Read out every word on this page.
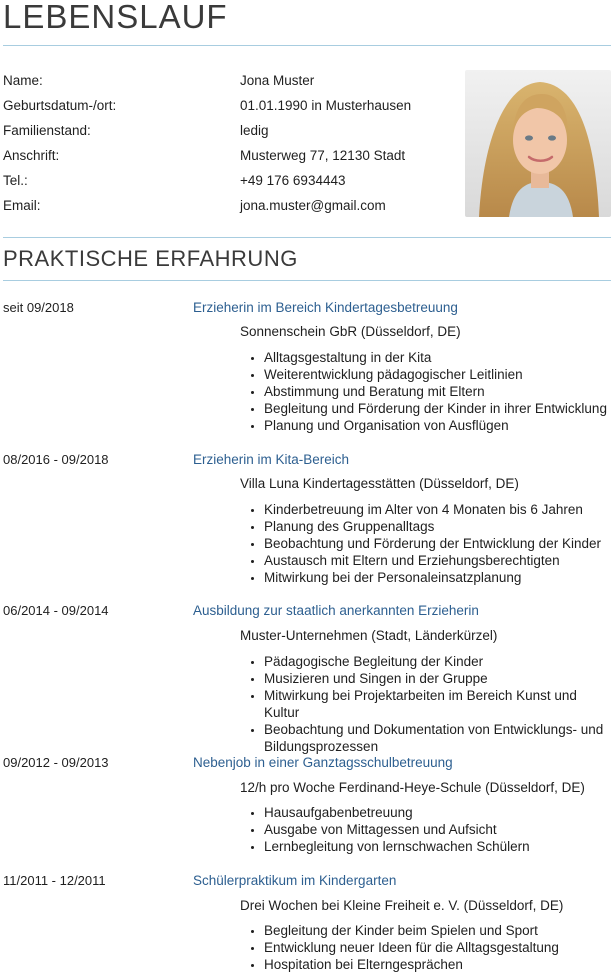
LEBENSLAUF
Name:	Jona Muster
Geburtsdatum-/ort:	01.01.1990 in Musterhausen
Familienstand:	ledig
Anschrift:	Musterweg 77, 12130 Stadt
Tel.:	+49 176 6934443
Email:	jona.muster@gmail.com
PRAKTISCHE ERFAHRUNG
seit 09/2018	Erzieherin im Bereich Kindertagesbetreuung
Sonnenschein GbR (Düsseldorf, DE)
• Alltagsgestaltung in der Kita
• Weiterentwicklung pädagogischer Leitlinien
• Abstimmung und Beratung mit Eltern
• Begleitung und Förderung der Kinder in ihrer Entwicklung
• Planung und Organisation von Ausflügen
08/2016 - 09/2018	Erzieherin im Kita-Bereich
Villa Luna Kindertagesstätten (Düsseldorf, DE)
• Kinderbetreuung im Alter von 4 Monaten bis 6 Jahren
• Planung des Gruppenalltags
• Beobachtung und Förderung der Entwicklung der Kinder
• Austausch mit Eltern und Erziehungsberechtigten
• Mitwirkung bei der Personaleinsatzplanung
06/2014 - 09/2014	Ausbildung zur staatlich anerkannten Erzieherin
Muster-Unternehmen (Stadt, Länderkürzel)
• Pädagogische Begleitung der Kinder
• Musizieren und Singen in der Gruppe
• Mitwirkung bei Projektarbeiten im Bereich Kunst und Kultur
• Beobachtung und Dokumentation von Entwicklungs- und Bildungsprozessen
09/2012 - 09/2013	Nebenjob in einer Ganztagsschulbetreuung
12/h pro Woche Ferdinand-Heye-Schule (Düsseldorf, DE)
• Hausaufgabenbetreuung
• Ausgabe von Mittagessen und Aufsicht
• Lernbegleitung von lernschwachen Schülern
11/2011 - 12/2011	Schülerpraktikum im Kindergarten
Drei Wochen bei Kleine Freiheit e. V. (Düsseldorf, DE)
• Begleitung der Kinder beim Spielen und Sport
• Entwicklung neuer Ideen für die Alltagsgestaltung
• Hospitation bei Elterngesprächen
